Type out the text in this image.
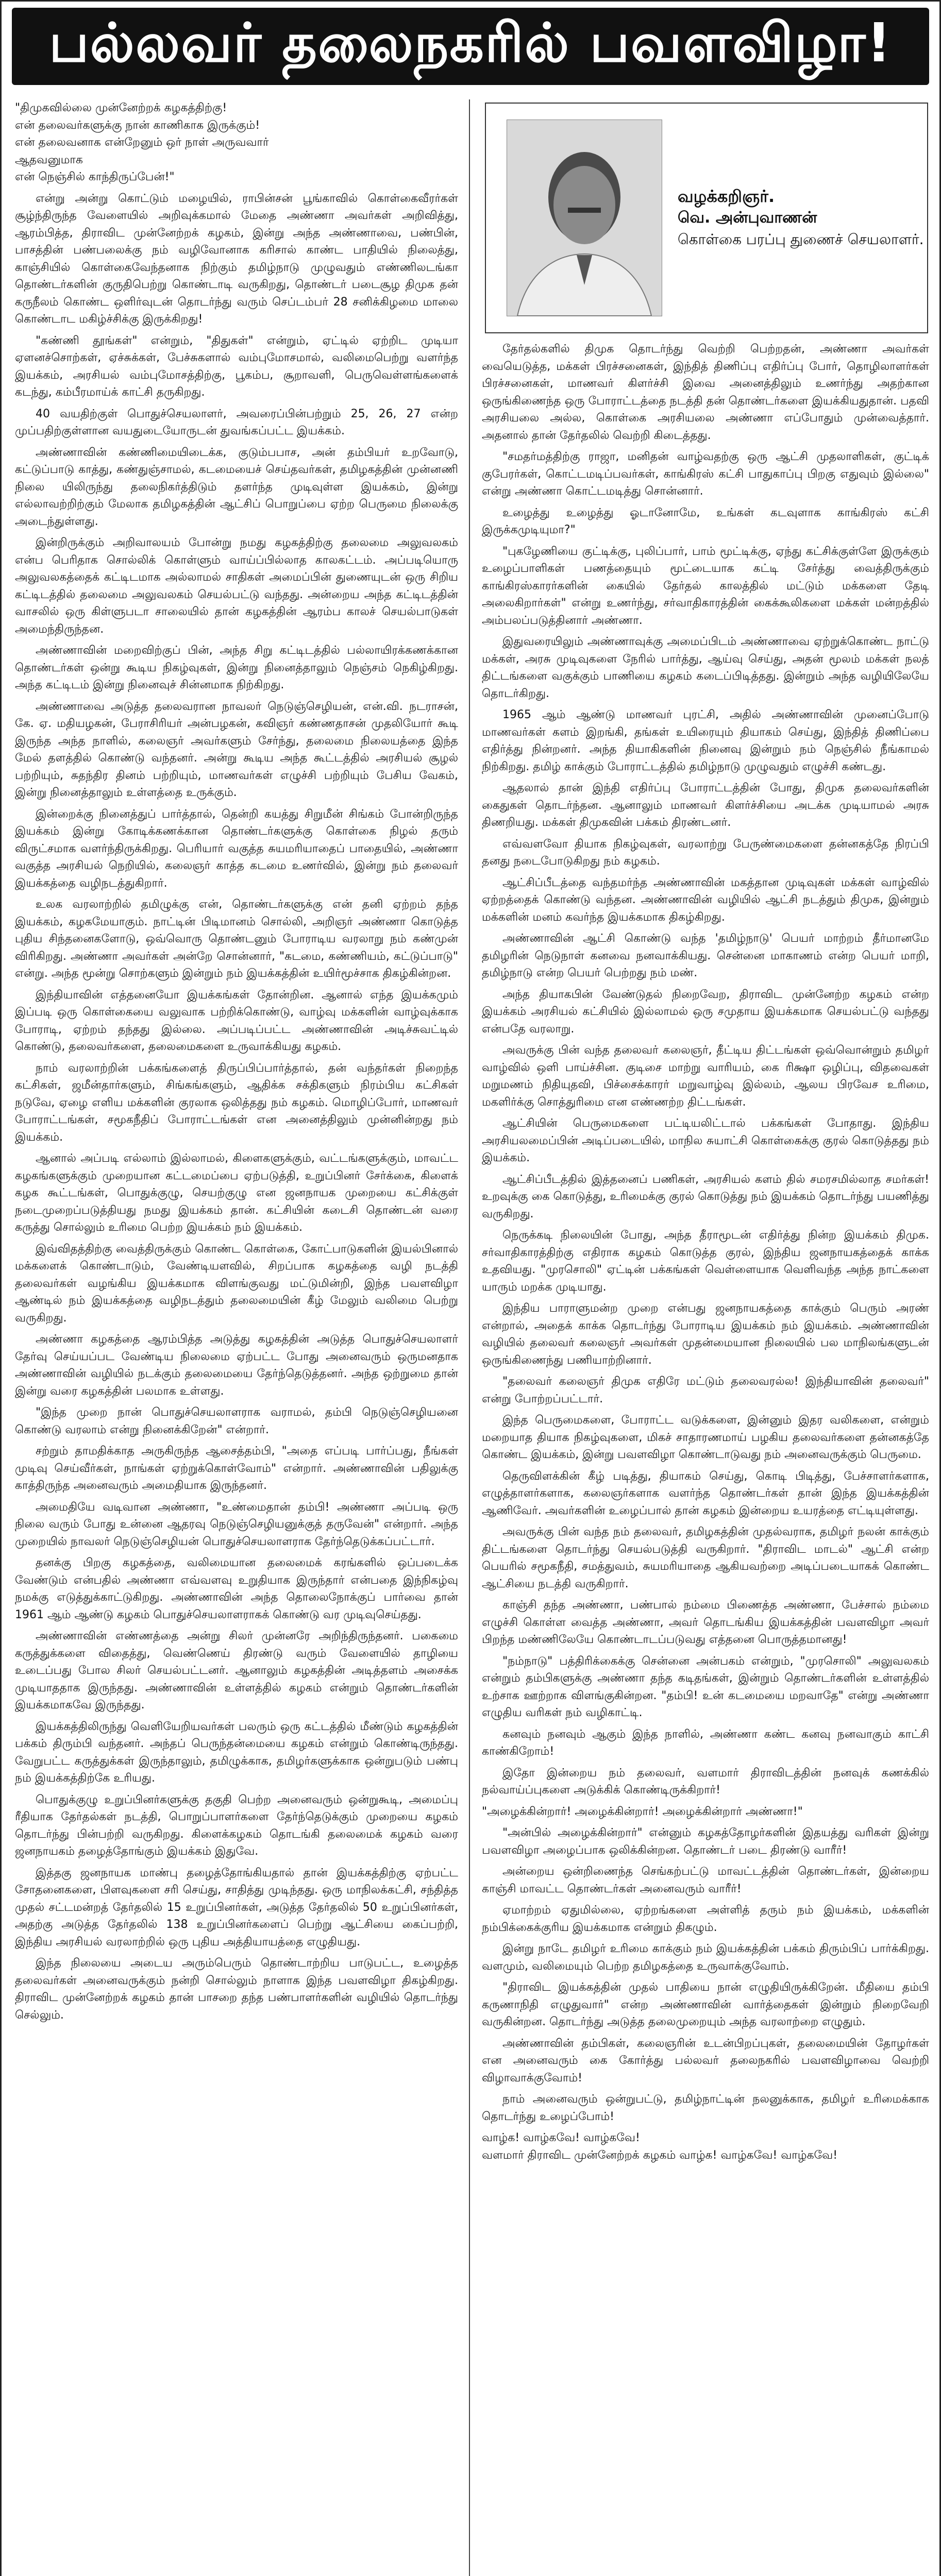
பல்லவர் தலைநகரில் பவளவிழா!

"திமுகவில்லை முன்னேற்றக் கழகத்திற்கு!
என் தலைவர்களுக்கு நான் காணிகாக இருக்கும்!
என் தலைவனாக என்றேனும் ஒர் நாள் அருவவார்
ஆதவனுமாக
என் நெஞ்சில் காந்திருப்பேன்!"

என்று அன்று கொட்டும் மழையில், ராபின்சன் பூங்காவில் கொள்கைவீரர்கள் சூழ்ந்திருந்த வேளையில் அறிவுக்கமால் மேதை அண்ணா அவர்கள் அறிவித்து, ஆரம்பித்த, திராவிட முன்னேற்றக் கழகம், இன்று அந்த அண்ணாவை, பண்பின், பாசத்தின் பண்பலைக்கு நம் வழிவோனாக கரிசால் காண்ட பாதியில் நிலைத்து, காஞ்சியில் கொள்கைவேந்தனாக நிற்கும் தமிழ்நாடு முழுவதும் எண்ணிலடங்கா தொண்டர்களின் குருதிபெற்று கொண்டாடி வருகிறது, தொண்டர் படைசூழ திமுக தன் கருநீலம் கொண்ட ஒளிர்வுடன் தொடர்ந்து வரும் செப்டம்பர் 28 சனிக்கிழமை மாலை கொண்டாட மகிழ்ச்சிக்கு இருக்கிறது!

"கண்ணி தூங்கள்" என்றும், "திதுகள்" என்றும், ஏட்டில் ஏற்றிட முடியா ஏளனச்சொற்கள், ஏச்சுக்கள், பேச்சுகளால் வம்புமோசமால், வலிமைபெற்று வளர்ந்த இயக்கம், அரசியல் வம்புமோசத்திற்கு, பூகம்ப, சூறாவளி, பெருவெள்ளங்களைக் கடந்து, கம்பீரமாய்க் காட்சி தருகிறது.

40 வயதிற்குள் பொதுச்செயலாளர், அவரைப்பின்பற்றும் 25, 26, 27 என்ற முப்பதிற்குள்ளான வயதுடையோருடன் துவங்கப்பட்ட இயக்கம்.

அண்ணாவின் கண்ணிமையிடைக்க, குடும்பபாச, அன் தம்பியர் உறவோடு, கட்டுப்பாடு காத்து, கண்துஞ்சாமல், கடமையைச் செய்தவர்கள், தமிழகத்தின் முன்னணி நிலை யிலிருந்து தலைநிகர்த்திடும் தளர்ந்த முடிவுள்ள இயக்கம், இன்று எல்லாவற்றிற்கும் மேலாக தமிழகத்தின் ஆட்சிப் பொறுப்பை ஏற்ற பெருமை நிலைக்கு அடைந்துள்ளது.

இன்றிருக்கும் அறிவாலயம் போன்று நமது கழகத்திற்கு தலைமை அலுவலகம் என்ப பெரிதாக சொல்லிக் கொள்ளும் வாய்ப்பில்லாத காலகட்டம். அப்படியொரு அலுவலகத்தைக் கட்டிடமாக அல்லாமல் சாதிகள் அமைப்பின் துணையுடன் ஒரு சிறிய கட்டிடத்தில் தலைமை அலுவலகம் செயல்பட்டு வந்தது. அன்றைய அந்த கட்டிடத்தின் வாசலில் ஒரு கிள்ளுபடா சாலையில் தான் கழகத்தின் ஆரம்ப காலச் செயல்பாடுகள் அமைந்திருந்தன.

அண்ணாவின் மறைவிற்குப் பின், அந்த சிறு கட்டிடத்தில் பல்லாயிரக்கணக்கான தொண்டர்கள் ஒன்று கூடிய நிகழ்வுகள், இன்று நினைத்தாலும் நெஞ்சம் நெகிழ்கிறது. அந்த கட்டிடம் இன்று நினைவுச் சின்னமாக நிற்கிறது.

அண்ணாவை அடுத்த தலைவரான நாவலர் நெடுஞ்செழியன், என்.வி. நடராசன், கே. ஏ. மதியழகன், பேராசிரியர் அன்பழகன், கவிஞர் கண்ணதாசன் முதலியோர் கூடி இருந்த அந்த நாளில், கலைஞர் அவர்களும் சேர்ந்து, தலைமை நிலையத்தை இந்த மேல் தளத்தில் கொண்டு வந்தனர். அன்று கூடிய அந்த கூட்டத்தில் அரசியல் சூழல் பற்றியும், சுதந்திர தினம் பற்றியும், மாணவர்கள் எழுச்சி பற்றியும் பேசிய வேகம், இன்று நினைத்தாலும் உள்ளத்தை உருக்கும்.

இன்றைக்கு நினைத்துப் பார்த்தால், தென்றி கயத்து சிறுமீன் சிங்கம் போன்றிருந்த இயக்கம் இன்று கோடிக்கணக்கான தொண்டர்களுக்கு கொள்கை நிழல் தரும் விருட்சமாக வளர்ந்திருக்கிறது. பெரியார் வகுத்த சுயமரியாதைப் பாதையில், அண்ணா வகுத்த அரசியல் நெறியில், கலைஞர் காத்த கடமை உணர்வில், இன்று நம் தலைவர் இயக்கத்தை வழிநடத்துகிறார்.

உலக வரலாற்றில் தமிழுக்கு என், தொண்டர்களுக்கு என் தனி ஏற்றம் தந்த இயக்கம், கழகமேயாகும். நாட்டின் பிடிமானம் சொல்லி, அறிஞர் அண்ணா கொடுத்த புதிய சிந்தனைகளோடு, ஒவ்வொரு தொண்டனும் போராடிய வரலாறு நம் கண்முன் விரிகிறது. அண்ணா அவர்கள் அன்றே சொன்னார், "கடமை, கண்ணியம், கட்டுப்பாடு" என்று. அந்த மூன்று சொற்களும் இன்றும் நம் இயக்கத்தின் உயிர்மூச்சாக திகழ்கின்றன.

இந்தியாவின் எத்தனையோ இயக்கங்கள் தோன்றின. ஆனால் எந்த இயக்கமும் இப்படி ஒரு கொள்கையை வலுவாக பற்றிக்கொண்டு, வாழ்வு மக்களின் வாழ்வுக்காக போராடி, ஏற்றம் தந்தது இல்லை. அப்படிப்பட்ட அண்ணாவின் அடிச்சுவட்டில் கொண்டு, தலைவர்களை, தலைமைகளை உருவாக்கியது கழகம்.

நாம் வரலாற்றின் பக்கங்களைத் திருப்பிப்பார்த்தால், தன் வந்தர்கள் நிறைந்த கட்சிகள், ஜமீன்தார்களும், சிங்கங்களும், ஆதிக்க சக்திகளும் நிரம்பிய கட்சிகள் நடுவே, ஏழை எளிய மக்களின் குரலாக ஒலித்தது நம் கழகம். மொழிப்போர், மாணவர் போராட்டங்கள், சமூகநீதிப் போராட்டங்கள் என அனைத்திலும் முன்னின்றது நம் இயக்கம்.

ஆனால் அப்படி எல்லாம் இல்லாமல், கிளைகளுக்கும், வட்டங்களுக்கும், மாவட்ட கழகங்களுக்கும் முறையான கட்டமைப்பை ஏற்படுத்தி, உறுப்பினர் சேர்க்கை, கிளைக் கழக கூட்டங்கள், பொதுக்குழு, செயற்குழு என ஜனநாயக முறையை கட்சிக்குள் நடைமுறைப்படுத்தியது நமது இயக்கம் தான். கட்சியின் கடைசி தொண்டன் வரை கருத்து சொல்லும் உரிமை பெற்ற இயக்கம் நம் இயக்கம்.

இவ்விதத்திற்கு வைத்திருக்கும் கொண்ட கொள்கை, கோட்பாடுகளின் இயல்பினால் மக்களைக் கொண்டாடும், வேண்டியளவில், சிறப்பாக கழகத்தை வழி நடத்தி தலைவர்கள் வழங்கிய இயக்கமாக விளங்குவது மட்டுமின்றி, இந்த பவளவிழா ஆண்டில் நம் இயக்கத்தை வழிநடத்தும் தலைமையின் கீழ் மேலும் வலிமை பெற்று வருகிறது.

அண்ணா கழகத்தை ஆரம்பித்த அடுத்து கழகத்தின் அடுத்த பொதுச்செயலாளர் தேர்வு செய்யப்பட வேண்டிய நிலைமை ஏற்பட்ட போது அனைவரும் ஒருமனதாக அண்ணாவின் வழியில் நடக்கும் தலைமையை தேர்ந்தெடுத்தனர். அந்த ஒற்றுமை தான் இன்று வரை கழகத்தின் பலமாக உள்ளது.

"இந்த முறை நான் பொதுச்செயலாளராக வராமல், தம்பி நெடுஞ்செழியனை கொண்டு வரலாம் என்று நினைக்கிறேன்" என்றார்.

சற்றும் தாமதிக்காத அருகிருந்த ஆசைத்தம்பி, "அதை எப்படி பார்ப்பது, நீங்கள் முடிவு செய்வீர்கள், நாங்கள் ஏற்றுக்கொள்வோம்" என்றார். அண்ணாவின் பதிலுக்கு காத்திருந்த அனைவரும் அமைதியாக இருந்தனர்.

அமைதியே வடிவான அண்ணா, "உண்மைதான் தம்பி! அண்ணா அப்படி ஒரு நிலை வரும் போது உன்னை ஆதரவு நெடுஞ்செழியனுக்குத் தருவேன்" என்றார். அந்த முறையில் நாவலர் நெடுஞ்செழியன் பொதுச்செயலாளராக தேர்ந்தெடுக்கப்பட்டார்.

தனக்கு பிறகு கழகத்தை, வலிமையான தலைமைக் கரங்களில் ஒப்படைக்க வேண்டும் என்பதில் அண்ணா எவ்வளவு உறுதியாக இருந்தார் என்பதை இந்நிகழ்வு நமக்கு எடுத்துக்காட்டுகிறது. அண்ணாவின் அந்த தொலைநோக்குப் பார்வை தான் 1961 ஆம் ஆண்டு கழகம் பொதுச்செயலாளராகக் கொண்டு வர முடிவுசெய்தது.

அண்ணாவின் எண்ணத்தை அன்று சிலர் முன்னரே அறிந்திருந்தனர். பகைமை கருத்துக்களை விதைத்து, வெண்ணெய் திரண்டு வரும் வேளையில் தாழியை உடைப்பது போல சிலர் செயல்பட்டனர். ஆனாலும் கழகத்தின் அடித்தளம் அசைக்க முடியாததாக இருந்தது. அண்ணாவின் உள்ளத்தில் கழகம் என்றும் தொண்டர்களின் இயக்கமாகவே இருந்தது.

இயக்கத்திலிருந்து வெளியேறியவர்கள் பலரும் ஒரு கட்டத்தில் மீண்டும் கழகத்தின் பக்கம் திரும்பி வந்தனர். அந்தப் பெருந்தன்மையை கழகம் என்றும் கொண்டிருந்தது. வேறுபட்ட கருத்துக்கள் இருந்தாலும், தமிழுக்காக, தமிழர்களுக்காக ஒன்றுபடும் பண்பு நம் இயக்கத்திற்கே உரியது.

பொதுக்குழு உறுப்பினர்களுக்கு தகுதி பெற்ற அனைவரும் ஒன்றுகூடி, அமைப்பு ரீதியாக தேர்தல்கள் நடத்தி, பொறுப்பாளர்களை தேர்ந்தெடுக்கும் முறையை கழகம் தொடர்ந்து பின்பற்றி வருகிறது. கிளைக்கழகம் தொடங்கி தலைமைக் கழகம் வரை ஜனநாயகம் தழைத்தோங்கும் இயக்கம் இதுவே.

இத்தகு ஜனநாயக மாண்பு தழைத்தோங்கியதால் தான் இயக்கத்திற்கு ஏற்பட்ட சோதனைகளை, பிளவுகளை சரி செய்து, சாதித்து முடிந்தது. ஒரு மாநிலக்கட்சி, சந்தித்த முதல் சட்டமன்றத் தேர்தலில் 15 உறுப்பினர்கள், அடுத்த தேர்தலில் 50 உறுப்பினர்கள், அதற்கு அடுத்த தேர்தலில் 138 உறுப்பினர்களைப் பெற்று ஆட்சியை கைப்பற்றி, இந்திய அரசியல் வரலாற்றில் ஒரு புதிய அத்தியாயத்தை எழுதியது.

இந்த நிலையை அடைய அரும்பெரும் தொண்டாற்றிய பாடுபட்ட, உழைத்த தலைவர்கள் அனைவருக்கும் நன்றி சொல்லும் நாளாக இந்த பவளவிழா திகழ்கிறது. திராவிட முன்னேற்றக் கழகம் தான் பாசறை தந்த பண்பாளர்களின் வழியில் தொடர்ந்து செல்லும்.

வழக்கறிஞர்.
வெ. அன்புவாணன்
கொள்கை பரப்பு துணைச் செயலாளர்.

தேர்தல்களில் திமுக தொடர்ந்து வெற்றி பெற்றதன், அண்ணா அவர்கள் வையெடுத்த, மக்கள் பிரச்சனைகள், இந்தித் திணிப்பு எதிர்ப்பு போர், தொழிலாளர்கள் பிரச்சனைகள், மாணவர் கிளர்ச்சி இவை அனைத்திலும் உணர்ந்து அதற்கான ஒருங்கிணைந்த ஒரு போராட்டத்தை நடத்தி தன் தொண்டர்களை இயக்கியதுதான். பதவி அரசியலை அல்ல, கொள்கை அரசியலை அண்ணா எப்போதும் முன்வைத்தார். அதனால் தான் தேர்தலில் வெற்றி கிடைத்தது.

"சமதர்மத்திற்கு ராஜா, மனிதன் வாழ்வதற்கு ஒரு ஆட்சி முதலாளிகள், குட்டிக் குபேரர்கள், கொட்டமடிப்பவர்கள், காங்கிரஸ் கட்சி பாதுகாப்பு பிறகு எதுவும் இல்லை" என்று அண்ணா கொட்டமடித்து சொன்னார்.

உழைத்து உழைத்து ஓடானோமே, உங்கள் கடவுளாக காங்கிரஸ் கட்சி இருக்கமுடியுமா?"

"புகழேணியை குட்டிக்கு, புலிப்பார், பாம் மூட்டிக்கு, ஏந்து கட்சிக்குள்ளே இருக்கும் உழைப்பாளிகள் பணத்தையும் மூட்டையாக கட்டி சேர்த்து வைத்திருக்கும் காங்கிரஸ்காரர்களின் கையில் தேர்தல் காலத்தில் மட்டும் மக்களை தேடி அலைகிறார்கள்" என்று உணர்ந்து, சர்வாதிகாரத்தின் கைக்கூலிகளை மக்கள் மன்றத்தில் அம்பலப்படுத்தினார் அண்ணா.

இதுவரையிலும் அண்ணாவுக்கு அமைப்பிடம் அண்ணாவை ஏற்றுக்கொண்ட நாட்டு மக்கள், அரசு முடிவுகளை நேரில் பார்த்து, ஆய்வு செய்து, அதன் மூலம் மக்கள் நலத் திட்டங்களை வகுக்கும் பாணியை கழகம் கடைப்பிடித்தது. இன்றும் அந்த வழியிலேயே தொடர்கிறது.

1965 ஆம் ஆண்டு மாணவர் புரட்சி, அதில் அண்ணாவின் முனைப்போடு மாணவர்கள் களம் இறங்கி, தங்கள் உயிரையும் தியாகம் செய்து, இந்தித் திணிப்பை எதிர்த்து நின்றனர். அந்த தியாகிகளின் நினைவு இன்றும் நம் நெஞ்சில் நீங்காமல் நிற்கிறது. தமிழ் காக்கும் போராட்டத்தில் தமிழ்நாடு முழுவதும் எழுச்சி கண்டது.

ஆதலால் தான் இந்தி எதிர்ப்பு போராட்டத்தின் போது, திமுக தலைவர்களின் கைதுகள் தொடர்ந்தன. ஆனாலும் மாணவர் கிளர்ச்சியை அடக்க முடியாமல் அரசு திணறியது. மக்கள் திமுகவின் பக்கம் திரண்டனர்.

எவ்வளவோ தியாக நிகழ்வுகள், வரலாற்று பேருண்மைகளை தன்னகத்தே நிரப்பி தனது நடைபோடுகிறது நம் கழகம்.

ஆட்சிப்பீடத்தை வந்தமர்ந்த அண்ணாவின் மகத்தான முடிவுகள் மக்கள் வாழ்வில் ஏற்றத்தைக் கொண்டு வந்தன. அண்ணாவின் வழியில் ஆட்சி நடத்தும் திமுக, இன்றும் மக்களின் மனம் கவர்ந்த இயக்கமாக திகழ்கிறது.

அண்ணாவின் ஆட்சி கொண்டு வந்த 'தமிழ்நாடு' பெயர் மாற்றம் தீர்மானமே தமிழரின் நெடுநாள் கனவை நனவாக்கியது. சென்னை மாகாணம் என்ற பெயர் மாறி, தமிழ்நாடு என்ற பெயர் பெற்றது நம் மண்.

அந்த தியாகபின் வேண்டுதல் நிறைவேற, திராவிட முன்னேற்ற கழகம் என்ற இயக்கம் அரசியல் கட்சியில் இல்லாமல் ஒரு சமுதாய இயக்கமாக செயல்பட்டு வந்தது என்பதே வரலாறு.

அவருக்கு பின் வந்த தலைவர் கலைஞர், தீட்டிய திட்டங்கள் ஒவ்வொன்றும் தமிழர் வாழ்வில் ஒளி பாய்ச்சின. குடிசை மாற்று வாரியம், கை ரிக்ஷா ஒழிப்பு, விதவைகள் மறுமணம் நிதியுதவி, பிச்சைக்காரர் மறுவாழ்வு இல்லம், ஆலய பிரவேச உரிமை, மகளிர்க்கு சொத்துரிமை என எண்ணற்ற திட்டங்கள்.

ஆட்சியின் பெருமைகளை பட்டியலிட்டால் பக்கங்கள் போதாது. இந்திய அரசியலமைப்பின் அடிப்படையில், மாநில சுயாட்சி கொள்கைக்கு குரல் கொடுத்தது நம் இயக்கம்.

ஆட்சிப்பீடத்தில் இத்தனைப் பணிகள், அரசியல் களம் தில் சமரசமில்லாத சமர்கள்! உறவுக்கு கை கொடுத்து, உரிமைக்கு குரல் கொடுத்து நம் இயக்கம் தொடர்ந்து பயணித்து வருகிறது.

நெருக்கடி நிலையின் போது, அந்த தீராமூடன் எதிர்த்து நின்ற இயக்கம் திமுக. சர்வாதிகாரத்திற்கு எதிராக கழகம் கொடுத்த குரல், இந்திய ஜனநாயகத்தைக் காக்க உதவியது. "முரசொலி" ஏட்டின் பக்கங்கள் வெள்ளையாக வெளிவந்த அந்த நாட்களை யாரும் மறக்க முடியாது.

இந்திய பாராளுமன்ற முறை என்பது ஜனநாயகத்தை காக்கும் பெரும் அரண் என்றால், அதைக் காக்க தொடர்ந்து போராடிய இயக்கம் நம் இயக்கம். அண்ணாவின் வழியில் தலைவர் கலைஞர் அவர்கள் முதன்மையான நிலையில் பல மாநிலங்களுடன் ஒருங்கிணைந்து பணியாற்றினார்.

"தலைவர் கலைஞர் திமுக எதிரே மட்டும் தலைவரல்ல! இந்தியாவின் தலைவர்" என்று போற்றப்பட்டார்.

இந்த பெருமைகளை, போராட்ட வடுக்களை, இன்னும் இதர வலிகளை, என்றும் மறையாத தியாக நிகழ்வுகளை, மிகச் சாதாரணமாய் பழகிய தலைவர்களை தன்னகத்தே கொண்ட இயக்கம், இன்று பவளவிழா கொண்டாடுவது நம் அனைவருக்கும் பெருமை.

தெருவிளக்கின் கீழ் படித்து, தியாகம் செய்து, கொடி பிடித்து, பேச்சாளர்களாக, எழுத்தாளர்களாக, கலைஞர்களாக வளர்ந்த தொண்டர்கள் தான் இந்த இயக்கத்தின் ஆணிவேர். அவர்களின் உழைப்பால் தான் கழகம் இன்றைய உயரத்தை எட்டியுள்ளது.

அவருக்கு பின் வந்த நம் தலைவர், தமிழகத்தின் முதல்வராக, தமிழர் நலன் காக்கும் திட்டங்களை தொடர்ந்து செயல்படுத்தி வருகிறார். "திராவிட மாடல்" ஆட்சி என்ற பெயரில் சமூகநீதி, சமத்துவம், சுயமரியாதை ஆகியவற்றை அடிப்படையாகக் கொண்ட ஆட்சியை நடத்தி வருகிறார்.

காஞ்சி தந்த அண்ணா, பண்பால் நம்மை பிணைத்த அண்ணா, பேச்சால் நம்மை எழுச்சி கொள்ள வைத்த அண்ணா, அவர் தொடங்கிய இயக்கத்தின் பவளவிழா அவர் பிறந்த மண்ணிலேயே கொண்டாடப்படுவது எத்தனை பொருத்தமானது!

"நம்நாடு" பத்திரிக்கைக்கு சென்னை அன்பகம் என்றும், "முரசொலி" அலுவலகம் என்றும் தம்பிகளுக்கு அண்ணா தந்த கடிதங்கள், இன்றும் தொண்டர்களின் உள்ளத்தில் உற்சாக ஊற்றாக விளங்குகின்றன. "தம்பி! உன் கடமையை மறவாதே" என்று அண்ணா எழுதிய வரிகள் நம் வழிகாட்டி.

கனவும் நனவும் ஆகும் இந்த நாளில், அண்ணா கண்ட கனவு நனவாகும் காட்சி காண்கிறோம்!

இதோ இன்றைய நம் தலைவர், வளமார் திராவிடத்தின் நனவுக் கணக்கில் நல்வாய்ப்புகளை அடுக்கிக் கொண்டிருக்கிறார்!

"அழைக்கின்றார்! அழைக்கின்றார்! அழைக்கின்றார் அண்ணா!"

"அன்பில் அழைக்கின்றார்" என்னும் கழகத்தோழர்களின் இதயத்து வரிகள் இன்று பவளவிழா அழைப்பாக ஒலிக்கின்றன. தொண்டர் படை திரண்டு வாரீர்!

அன்றைய ஒன்றிணைந்த செங்கற்பட்டு மாவட்டத்தின் தொண்டர்கள், இன்றைய காஞ்சி மாவட்ட தொண்டர்கள் அனைவரும் வாரீர்!

ஏமாற்றம் ஏதுமில்லை, ஏற்றங்களை அள்ளித் தரும் நம் இயக்கம், மக்களின் நம்பிக்கைக்குரிய இயக்கமாக என்றும் திகழும்.

இன்று நாடே தமிழர் உரிமை காக்கும் நம் இயக்கத்தின் பக்கம் திரும்பிப் பார்க்கிறது. வளமும், வலிமையும் பெற்ற தமிழகத்தை உருவாக்குவோம்.

"திராவிட இயக்கத்தின் முதல் பாதியை நான் எழுதியிருக்கிறேன். மீதியை தம்பி கருணாநிதி எழுதுவார்" என்ற அண்ணாவின் வார்த்தைகள் இன்றும் நிறைவேறி வருகின்றன. தொடர்ந்து அடுத்த தலைமுறையும் அந்த வரலாற்றை எழுதும்.

அண்ணாவின் தம்பிகள், கலைஞரின் உடன்பிறப்புகள், தலைமையின் தோழர்கள் என அனைவரும் கை கோர்த்து பல்லவர் தலைநகரில் பவளவிழாவை வெற்றி விழாவாக்குவோம்!

நாம் அனைவரும் ஒன்றுபட்டு, தமிழ்நாட்டின் நலனுக்காக, தமிழர் உரிமைக்காக தொடர்ந்து உழைப்போம்!

வாழ்க! வாழ்கவே! வாழ்கவே!
வளமார் திராவிட முன்னேற்றக் கழகம் வாழ்க! வாழ்கவே! வாழ்கவே!
